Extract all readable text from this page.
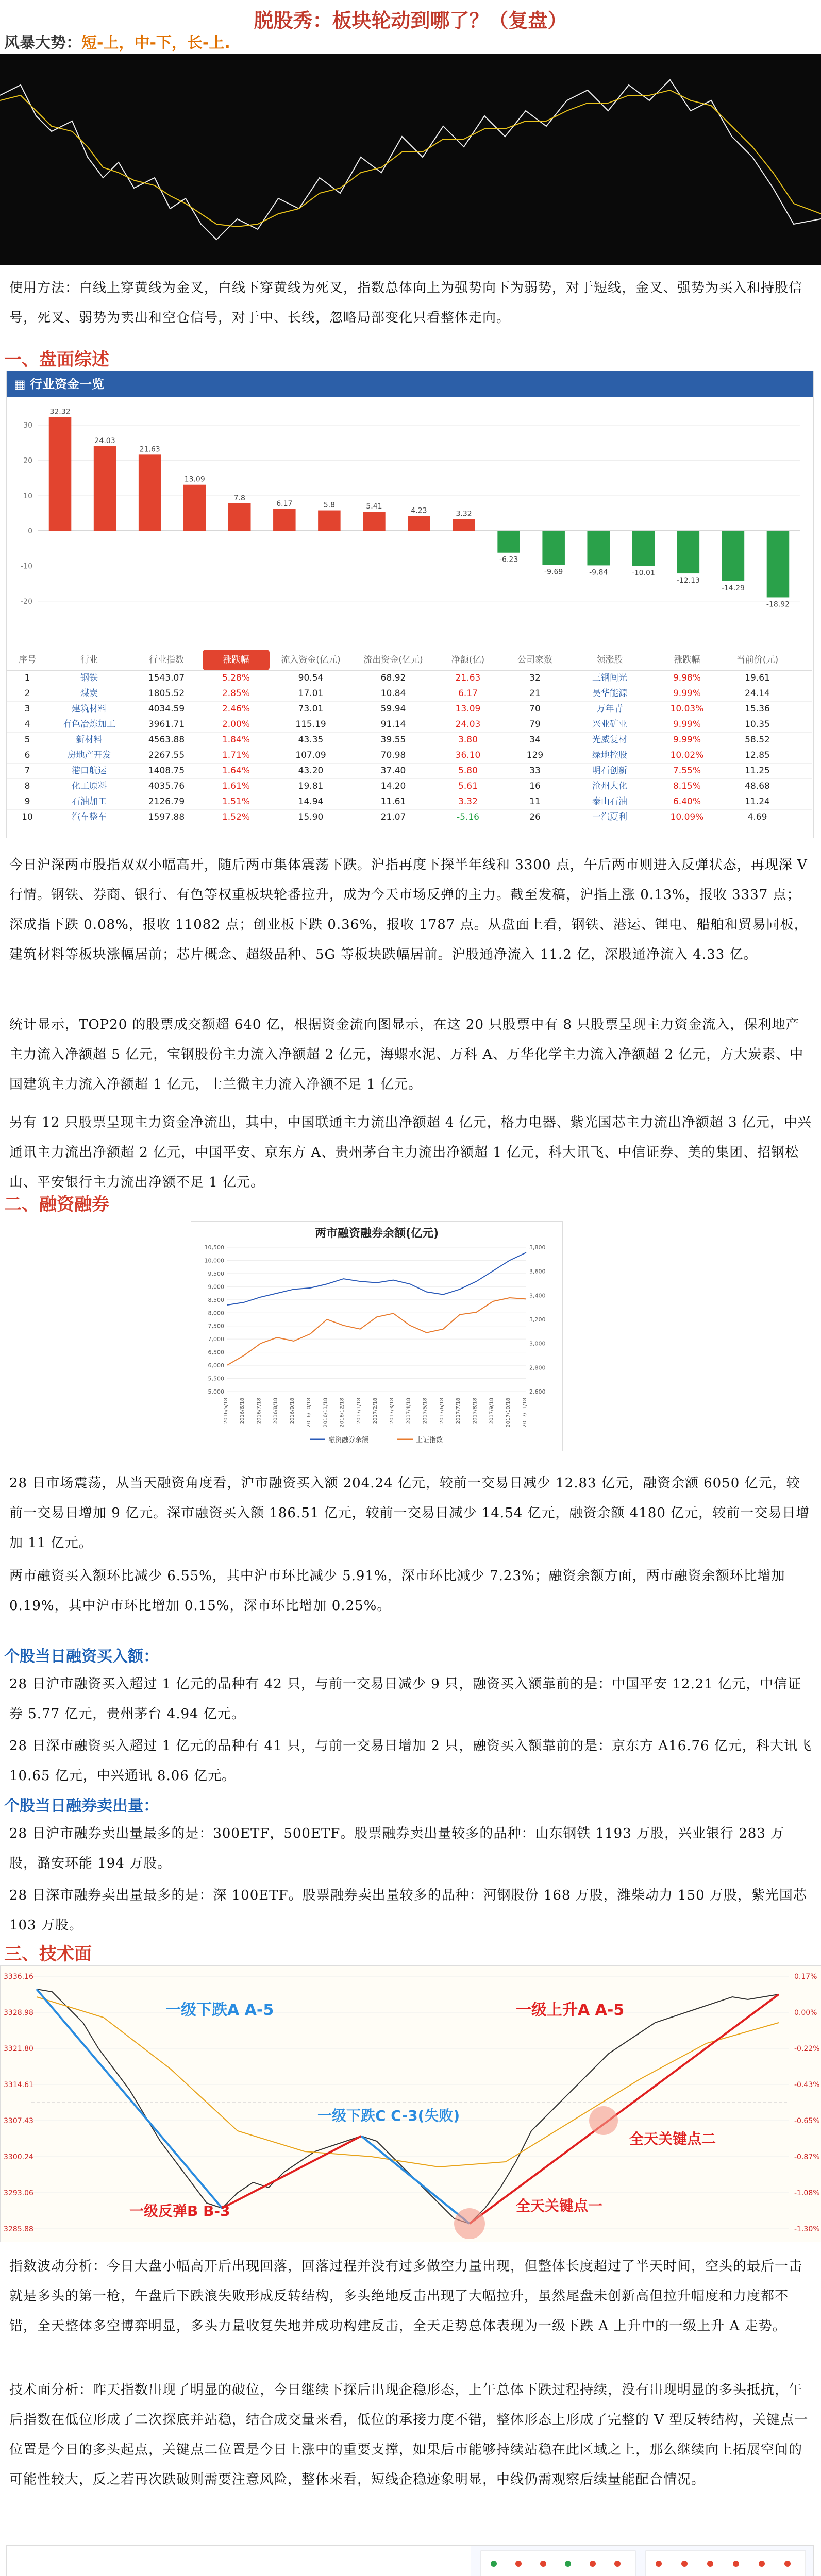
脱股秀：板块轮动到哪了？（复盘）
风暴大势：短-上，中-下，长-上.
使用方法：白线上穿黄线为金叉，白线下穿黄线为死叉，指数总体向上为强势向下为弱势，对于短线，金叉、强势为买入和持股信号，死叉、弱势为卖出和空仓信号，对于中、长线，忽略局部变化只看整体走向。
一、盘面综述
▦ 行业资金一览
30
20
10
0
-10
-20
32.32
24.03
21.63
13.09
7.8
6.17	5.8	5.41
4.23	3.32
-6.23
-9.69	-9.84	-10.01
-12.13
-14.29
-18.92
序号	行业	行业指数	涨跌幅	流入资金(亿元)	流出资金(亿元)	净额(亿)	公司家数	领涨股	涨跌幅	当前价(元)
1	钢铁	1543.07	5.28%	90.54	68.92	21.63	32	三钢闽光	9.98%	19.61
2	煤炭	1805.52	2.85%	17.01	10.84	6.17	21	昊华能源	9.99%	24.14
3	建筑材料	4034.59	2.46%	73.01	59.94	13.09	70	万年青	10.03%	15.36
4	有色冶炼加工	3961.71	2.00%	115.19	91.14	24.03	79	兴业矿业	9.99%	10.35
5	新材料	4563.88	1.84%	43.35	39.55	3.80	34	光威复材	9.99%	58.52
6	房地产开发	2267.55	1.71%	107.09	70.98	36.10	129	绿地控股	10.02%	12.85
7	港口航运	1408.75	1.64%	43.20	37.40	5.80	33	明石创新	7.55%	11.25
8	化工原料	4035.76	1.61%	19.81	14.20	5.61	16	沧州大化	8.15%	48.68
9	石油加工	2126.79	1.51%	14.94	11.61	3.32	11	泰山石油	6.40%	11.24
10	汽车整车	1597.88	1.52%	15.90	21.07	-5.16	26	一汽夏利	10.09%	4.69
今日沪深两市股指双双小幅高开，随后两市集体震荡下跌。沪指再度下探半年线和 3300 点，午后两市则进入反弹状态，再现深 V 行情。钢铁、券商、银行、有色等权重板块轮番拉升，成为今天市场反弹的主力。截至发稿，沪指上涨 0.13%，报收 3337 点；深成指下跌 0.08%，报收 11082 点；创业板下跌 0.36%，报收 1787 点。从盘面上看，钢铁、港运、锂电、船舶和贸易同板，建筑材料等板块涨幅居前；芯片概念、超级品种、5G 等板块跌幅居前。沪股通净流入 11.2 亿，深股通净流入 4.33 亿。
统计显示，TOP20 的股票成交额超 640 亿，根据资金流向图显示，在这 20 只股票中有 8 只股票呈现主力资金流入，保利地产主力流入净额超 5 亿元，宝钢股份主力流入净额超 2 亿元，海螺水泥、万科 A、万华化学主力流入净额超 2 亿元，方大炭素、中国建筑主力流入净额超 1 亿元，士兰微主力流入净额不足 1 亿元。
另有 12 只股票呈现主力资金净流出，其中，中国联通主力流出净额超 4 亿元，格力电器、紫光国芯主力流出净额超 3 亿元，中兴通讯主力流出净额超 2 亿元，中国平安、京东方 A、贵州茅台主力流出净额超 1 亿元，科大讯飞、中信证券、美的集团、招钢松山、平安银行主力流出净额不足 1 亿元。
二、融资融券
两市融资融券余额(亿元)
10,500
10,000
9,500
9,000
8,500
8,000
7,500
7,000
6,500
6,000
5,500
5,000
3,800
3,600
3,400
3,200
3,000
2,800
2,600
2016/5/18 2016/6/18 2016/7/18 2016/8/18 2016/9/18 2016/10/18 2016/11/18 2016/12/18 2017/1/18 2017/2/18 2017/3/18 2017/4/18 2017/5/18 2017/6/18 2017/7/18 2017/8/18 2017/9/18 2017/10/18 2017/11/18
融资融券余额	上证指数
28 日市场震荡，从当天融资角度看，沪市融资买入额 204.24 亿元，较前一交易日减少 12.83 亿元，融资余额 6050 亿元，较前一交易日增加 9 亿元。深市融资买入额 186.51 亿元，较前一交易日减少 14.54 亿元，融资余额 4180 亿元，较前一交易日增加 11 亿元。
两市融资买入额环比减少 6.55%，其中沪市环比减少 5.91%，深市环比减少 7.23%；融资余额方面，两市融资余额环比增加 0.19%，其中沪市环比增加 0.15%，深市环比增加 0.25%。
个股当日融资买入额：
28 日沪市融资买入超过 1 亿元的品种有 42 只，与前一交易日减少 9 只，融资买入额靠前的是：中国平安 12.21 亿元，中信证券 5.77 亿元，贵州茅台 4.94 亿元。
28 日深市融资买入超过 1 亿元的品种有 41 只，与前一交易日增加 2 只，融资买入额靠前的是：京东方 A16.76 亿元，科大讯飞 10.65 亿元，中兴通讯 8.06 亿元。
个股当日融券卖出量：
28 日沪市融券卖出量最多的是：300ETF，500ETF。股票融券卖出量较多的品种：山东钢铁 1193 万股，兴业银行 283 万股，潞安环能 194 万股。
28 日深市融券卖出量最多的是：深 100ETF。股票融券卖出量较多的品种：河钢股份 168 万股，潍柴动力 150 万股，紫光国芯 103 万股。
三、技术面
3336.16	0.17%
3328.98	0.00%
3321.80	-0.22%
3314.61	-0.43%
3307.43	-0.65%
3300.24	-0.87%
3293.06	-1.08%
3285.88	-1.30%
一级下跌A A-5	一级上升A A-5
一级反弹B B-3
一级下跌C C-3(失败)
全天关键点一
全天关键点二
指数波动分析：今日大盘小幅高开后出现回落，回落过程并没有过多做空力量出现，但整体长度超过了半天时间，空头的最后一击就是多头的第一枪，午盘后下跌浪失败形成反转结构，多头绝地反击出现了大幅拉升，虽然尾盘未创新高但拉升幅度和力度都不错，全天整体多空博弈明显，多头力量收复失地并成功构建反击，全天走势总体表现为一级下跌 A 上升中的一级上升 A 走势。
技术面分析：昨天指数出现了明显的破位，今日继续下探后出现企稳形态，上午总体下跌过程持续，没有出现明显的多头抵抗，午后指数在低位形成了二次探底并站稳，结合成交量来看，低位的承接力度不错，整体形态上形成了完整的 V 型反转结构，关键点一位置是今日的多头起点，关键点二位置是今日上涨中的重要支撑，如果后市能够持续站稳在此区域之上，那么继续向上拓展空间的可能性较大，反之若再次跌破则需要注意风险，整体来看，短线企稳迹象明显，中线仍需观察后续量能配合情况。
